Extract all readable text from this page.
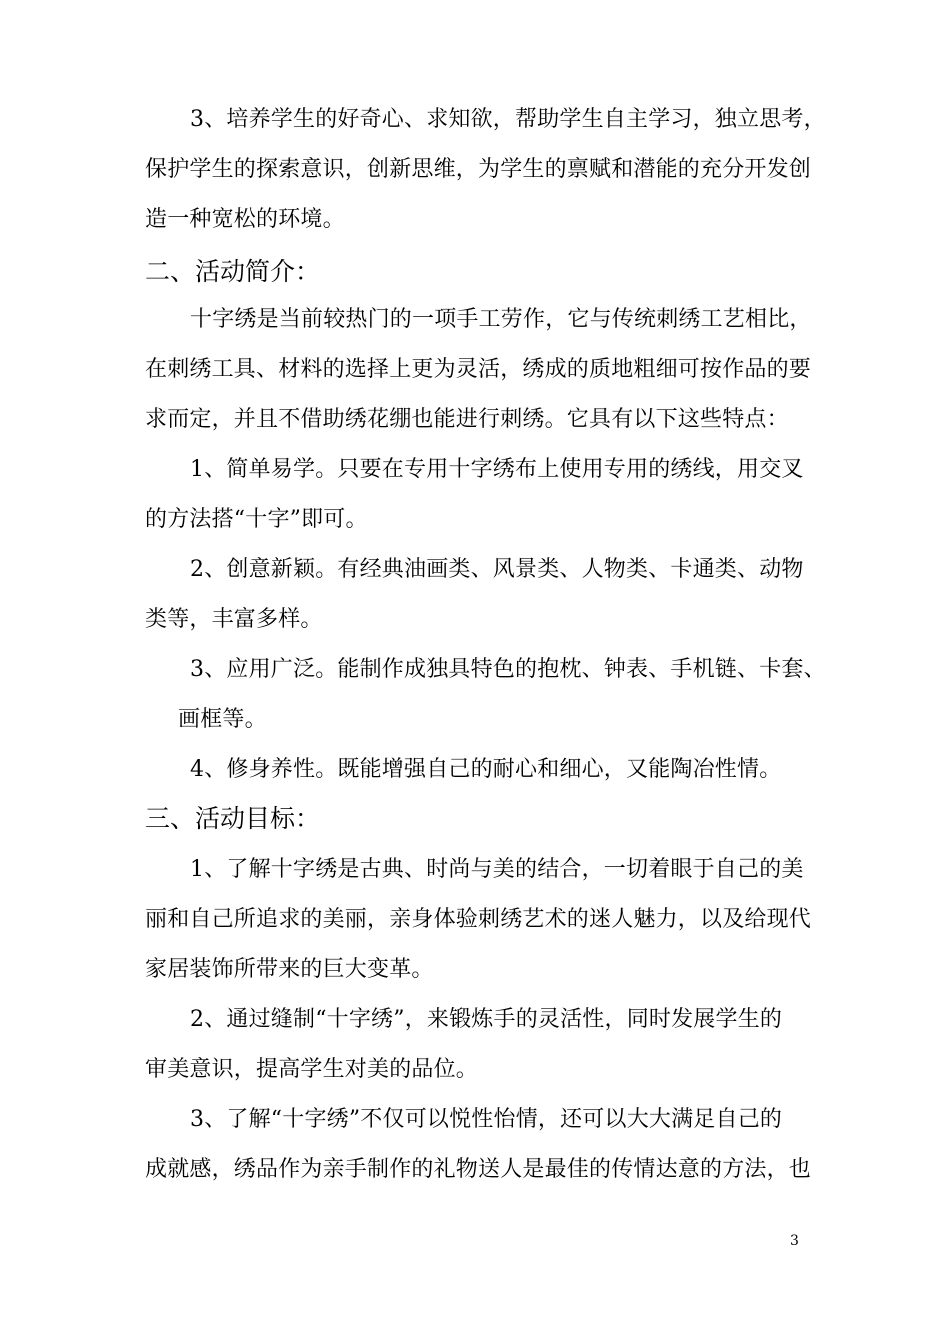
3、培养学生的好奇心、求知欲，帮助学生自主学习，独立思考，
保护学生的探索意识，创新思维，为学生的禀赋和潜能的充分开发创
造一种宽松的环境。
二、活动简介：
十字绣是当前较热门的一项手工劳作，它与传统刺绣工艺相比，
在刺绣工具、材料的选择上更为灵活，绣成的质地粗细可按作品的要
求而定，并且不借助绣花绷也能进行刺绣。它具有以下这些特点：
1、简单易学。只要在专用十字绣布上使用专用的绣线，用交叉
的方法搭“十字”即可。
2、创意新颖。有经典油画类、风景类、人物类、卡通类、动物
类等，丰富多样。
3、应用广泛。能制作成独具特色的抱枕、钟表、手机链、卡套、
画框等。
4、修身养性。既能增强自己的耐心和细心，又能陶冶性情。
三、活动目标：
1、了解十字绣是古典、时尚与美的结合，一切着眼于自己的美
丽和自己所追求的美丽，亲身体验刺绣艺术的迷人魅力，以及给现代
家居装饰所带来的巨大变革。
2、通过缝制“十字绣”，来锻炼手的灵活性，同时发展学生的
审美意识，提高学生对美的品位。
3、了解“十字绣”不仅可以悦性怡情，还可以大大满足自己的
成就感，绣品作为亲手制作的礼物送人是最佳的传情达意的方法，也
3
